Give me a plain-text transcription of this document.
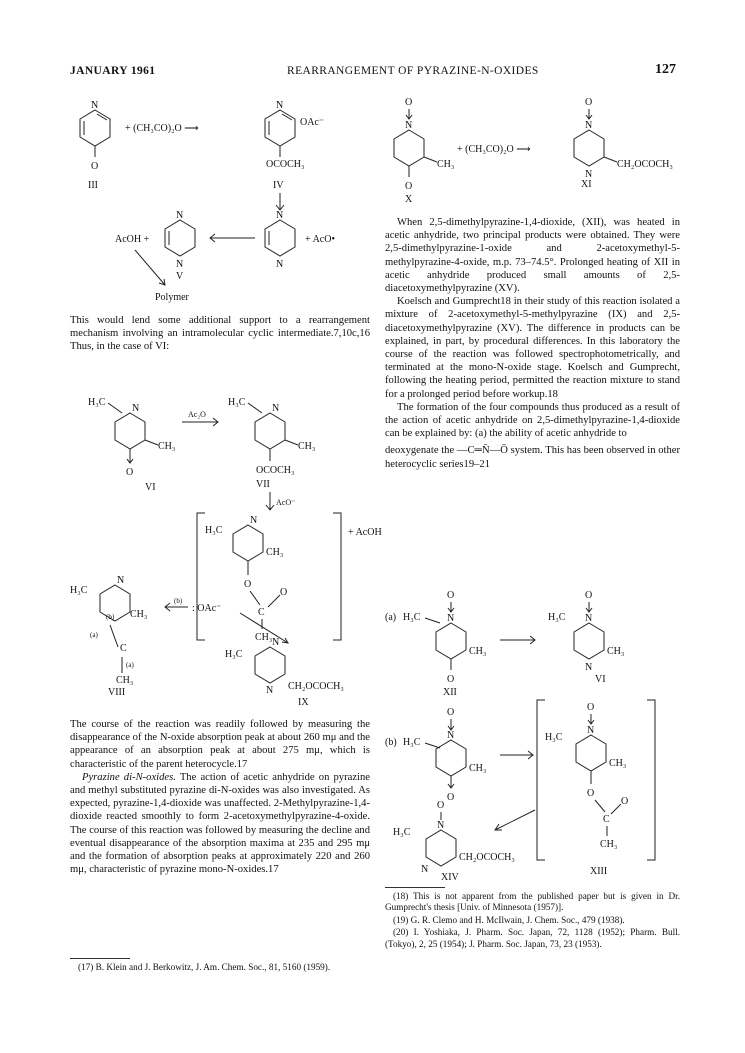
JANUARY 1961	REARRANGEMENT OF PYRAZINE-N-OXIDES	127
N
O
III
+ (CH₃CO)₂O ⟶
N
OAc⁻
OCOCH₃
IV
N
N
AcOH +
V
N
N
+ AcO•
Polymer
O
N
CH₃
O
X
+ (CH₃CO)₂O ⟶
O
N
N
CH₂OCOCH₃
XI

This would lend some additional support to a rearrangement mechanism involving an intramolecular cyclic intermediate.7,10c,16 Thus, in the case of VI:

H₃C
N
CH₃
O
VI
Ac₂O
H₃C
N
CH₃
OCOCH₃
VII
AcO⁻
H₃C
N
CH₃
O
C
O
CH₃
+ AcOH
H₃C
N
CH₃
(b)
(a)
C
(a)
CH₃
VIII
(b)
: OAc⁻
H₃C
N
N CH₂OCOCH₃
IX

The course of the reaction was readily followed by measuring the disappearance of the N-oxide absorption peak at about 260 mμ and the appearance of an absorption peak at about 275 mμ, which is characteristic of the parent heterocycle.17

Pyrazine di-N-oxides. The action of acetic anhydride on pyrazine and methyl substituted pyrazine di-N-oxides was also investigated. As expected, pyrazine-1,4-dioxide was unaffected. 2-Methylpyrazine-1,4-dioxide reacted smoothly to form 2-acetoxymethylpyrazine-4-oxide. The course of this reaction was followed by measuring the decline and eventual disappearance of the absorption maxima at 235 and 295 mμ and the formation of absorption peaks at approximately 220 and 260 mμ, characteristic of pyrazine mono-N-oxides.17

(17) B. Klein and J. Berkowitz, J. Am. Chem. Soc., 81, 5160 (1959).

When 2,5-dimethylpyrazine-1,4-dioxide, (XII), was heated in acetic anhydride, two principal products were obtained. They were 2,5-dimethylpyrazine-1-oxide and 2-acetoxymethyl-5-methylpyrazine-4-oxide, m.p. 73–74.5°. Prolonged heating of XII in acetic anhydride produced small amounts of 2,5-diacetoxymethylpyrazine (XV).

Koelsch and Gumprecht18 in their study of this reaction isolated a mixture of 2-acetoxymethyl-5-methylpyrazine (IX) and 2,5-diacetoxymethylpyrazine (XV). The difference in products can be explained, in part, by procedural differences. In this laboratory the course of the reaction was followed spectrophotometrically, and terminated at the mono-N-oxide stage. Koelsch and Gumprecht, following the heating period, permitted the reaction mixture to stand for a prolonged period before workup.18

The formation of the four compounds thus produced as a result of the action of acetic anhydride on 2,5-dimethylpyrazine-1,4-dioxide can be explained by: (a) the ability of acetic anhydride to

deoxygenate the —C═N̄—Ō system. This has been observed in other heterocyclic series19–21

(a) H₃C
O
N
CH₃
O
XII
H₃C
O
N
N
CH₃
VI
(b) H₃C
O
N
CH₃
O
H₃C
O
N
CH₃
O
C
O
CH₃
XIII
H₃C
O
N
N
CH₂OCOCH₃
XIV

(18) This is not apparent from the published paper but is given in Dr. Gumprecht's thesis [Univ. of Minnesota (1957)].

(19) G. R. Clemo and H. McIlwain, J. Chem. Soc., 479 (1938).

(20) I. Yoshiaka, J. Pharm. Soc. Japan, 72, 1128 (1952); Pharm. Bull. (Tokyo), 2, 25 (1954); J. Pharm. Soc. Japan, 73, 23 (1953).
